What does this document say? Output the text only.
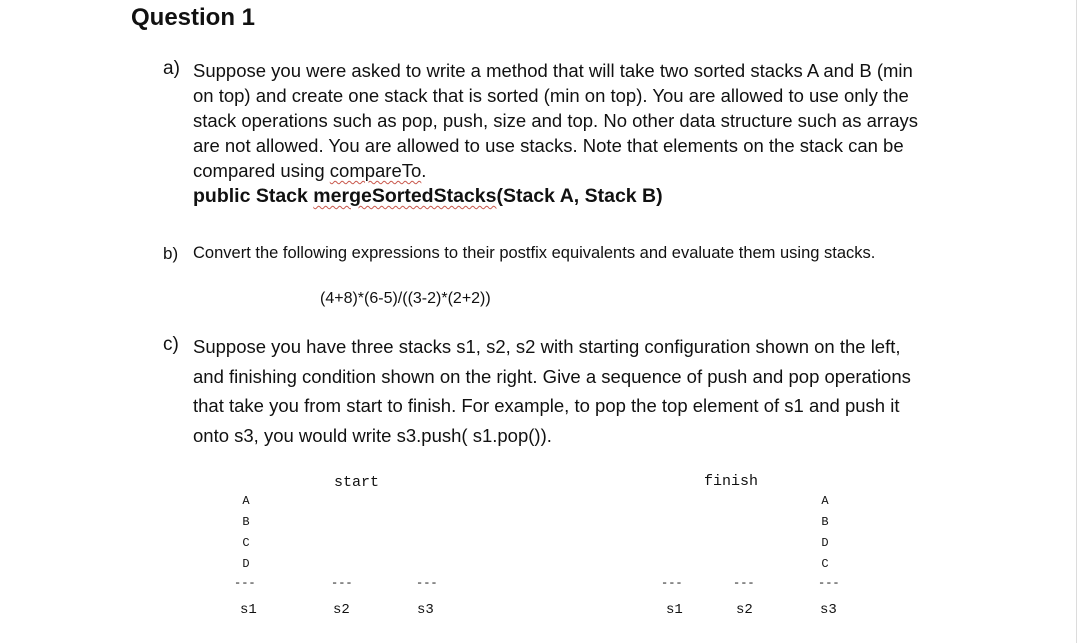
Question 1
a) Suppose you were asked to write a method that will take two sorted stacks A and B (min
on top) and create one stack that is sorted (min on top). You are allowed to use only the
stack operations such as pop, push, size and top. No other data structure such as arrays
are not allowed. You are allowed to use stacks. Note that elements on the stack can be
compared using compareTo.
public Stack mergeSortedStacks(Stack A, Stack B)
b) Convert the following expressions to their postfix equivalents and evaluate them using stacks.
(4+8)*(6-5)/((3-2)*(2+2))
c) Suppose you have three stacks s1, s2, s2 with starting configuration shown on the left,
and finishing condition shown on the right. Give a sequence of push and pop operations
that take you from start to finish. For example, to pop the top element of s1 and push it
onto s3, you would write s3.push( s1.pop()).
start	finish
A
B
C
D
---	---	---
s1	s2	s3
A
B
D
C
---	---	---
s1	s2	s3
